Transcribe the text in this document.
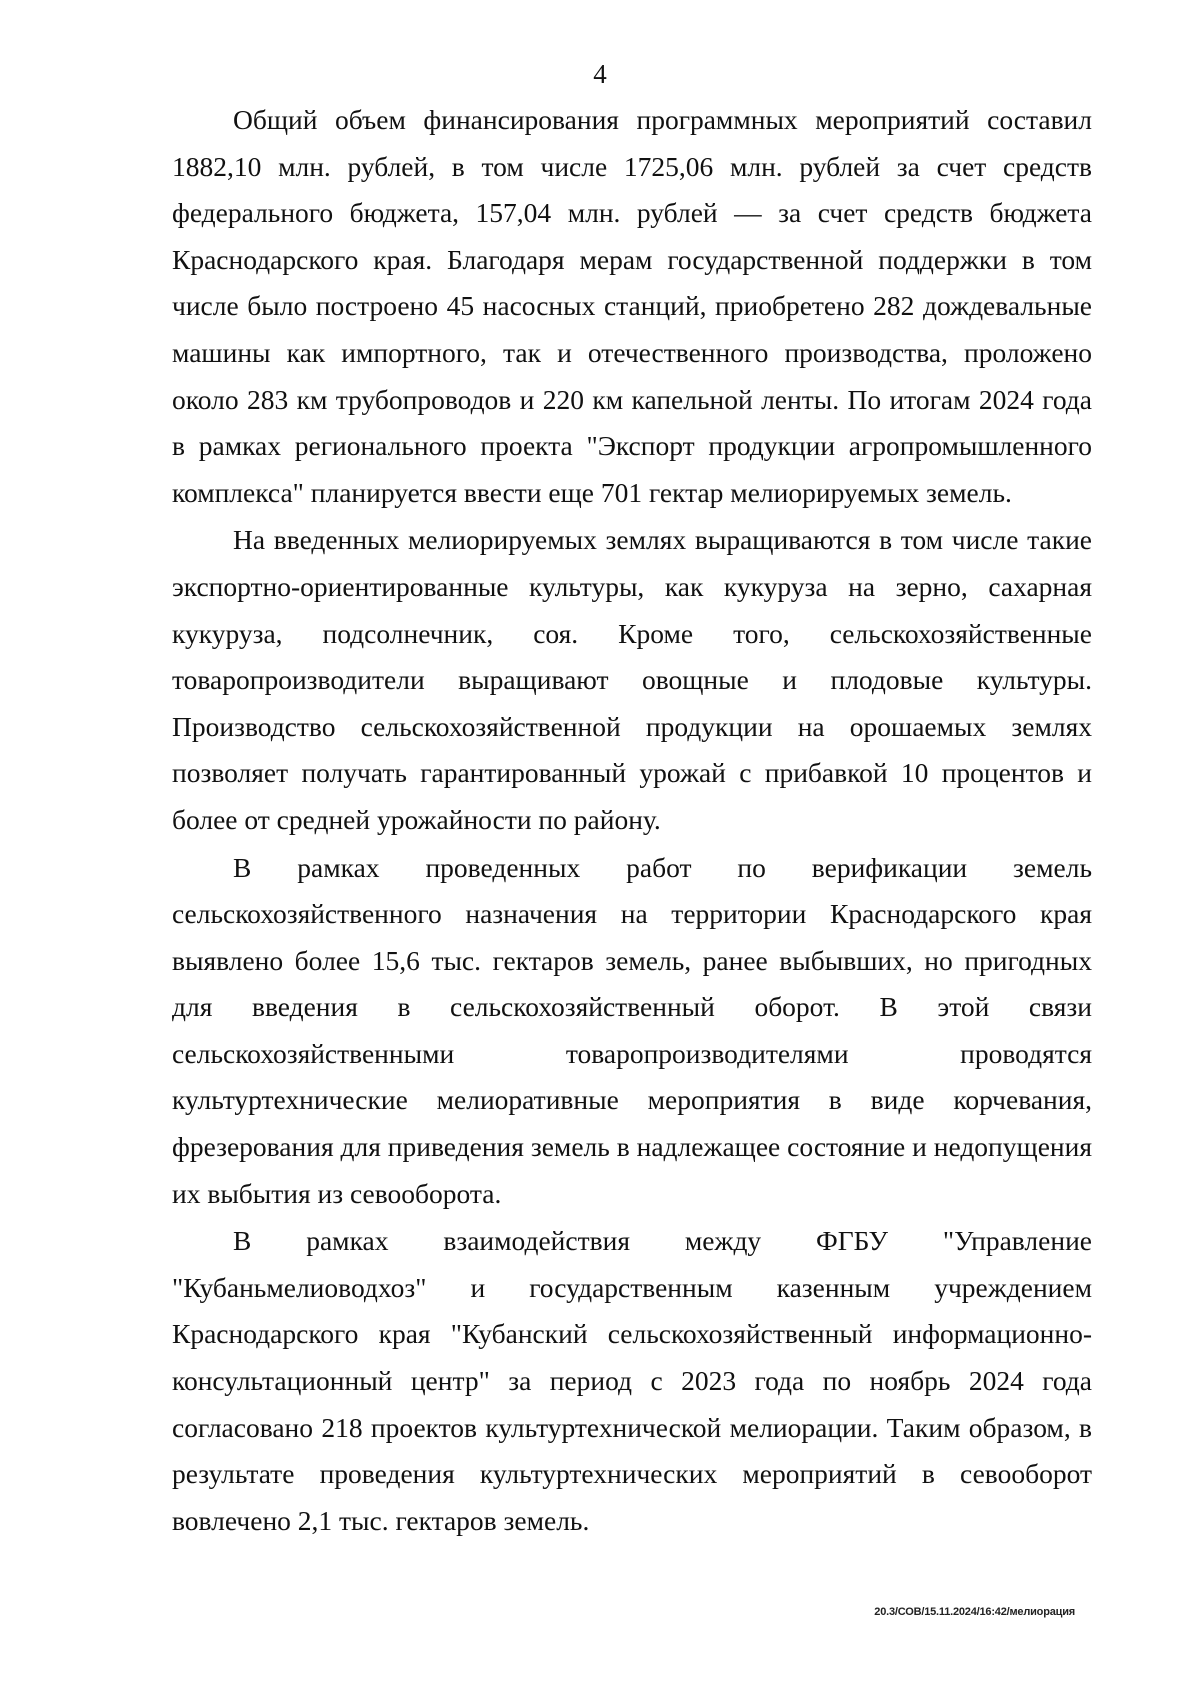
4

Общий объем финансирования программных мероприятий составил 1882,10 млн. рублей, в том числе 1725,06 млн. рублей за счет средств федерального бюджета, 157,04 млн. рублей — за счет средств бюджета Краснодарского края. Благодаря мерам государственной поддержки в том числе было построено 45 насосных станций, приобретено 282 дождевальные машины как импортного, так и отечественного производства, проложено около 283 км трубопроводов и 220 км капельной ленты. По итогам 2024 года в рамках регионального проекта "Экспорт продукции агропромышленного комплекса" планируется ввести еще 701 гектар мелиорируемых земель.

На введенных мелиорируемых землях выращиваются в том числе такие экспортно-ориентированные культуры, как кукуруза на зерно, сахарная кукуруза, подсолнечник, соя. Кроме того, сельскохозяйственные товаропроизводители выращивают овощные и плодовые культуры. Производство сельскохозяйственной продукции на орошаемых землях позволяет получать гарантированный урожай с прибавкой 10 процентов и более от средней урожайности по району.

В рамках проведенных работ по верификации земель сельскохозяйственного назначения на территории Краснодарского края выявлено более 15,6 тыс. гектаров земель, ранее выбывших, но пригодных для введения в сельскохозяйственный оборот. В этой связи сельскохозяйственными товаропроизводителями проводятся культуртехнические мелиоративные мероприятия в виде корчевания, фрезерования для приведения земель в надлежащее состояние и недопущения их выбытия из севооборота.

В рамках взаимодействия между ФГБУ "Управление "Кубаньмелиоводхоз" и государственным казенным учреждением Краснодарского края "Кубанский сельскохозяйственный информационно-консультационный центр" за период с 2023 года по ноябрь 2024 года согласовано 218 проектов культуртехнической мелиорации. Таким образом, в результате проведения культуртехнических мероприятий в севооборот вовлечено 2,1 тыс. гектаров земель.

20.3/СОВ/15.11.2024/16:42/мелиорация
